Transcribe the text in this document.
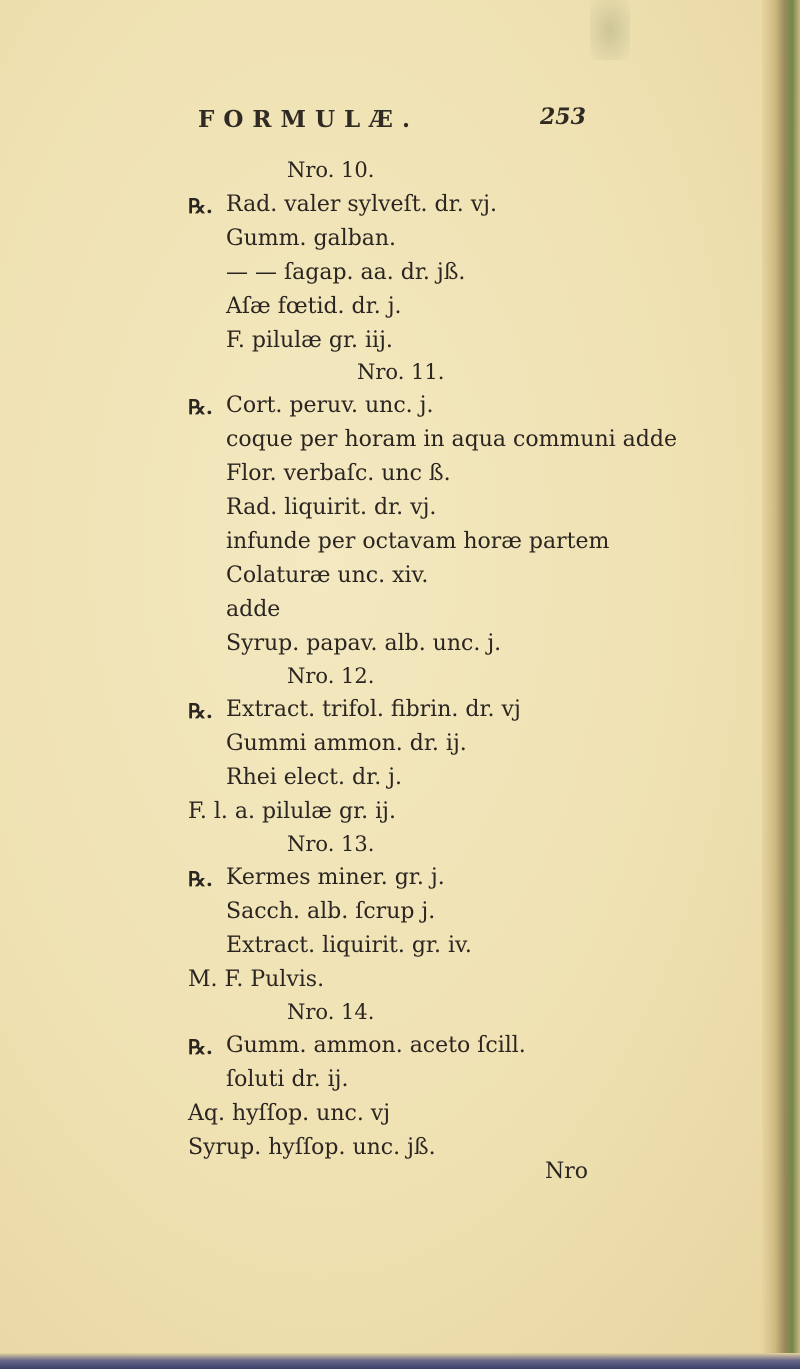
FORMULÆ.	253
Nro. 10.
℞. Rad. valer sylveſt. dr. vj.
Gumm. galban.
— — ſagap. aa. dr. jß.
Aſæ fœtid. dr. j.
F. pilulæ gr. iij.
Nro. 11.
℞. Cort. peruv. unc. j.
coque per horam in aqua communi adde
Flor. verbaſc. unc ß.
Rad. liquirit. dr. vj.
infunde per octavam horæ partem
Colaturæ unc. xiv.
adde
Syrup. papav. alb. unc. j.
Nro. 12.
℞. Extract. trifol. fibrin. dr. vj
Gummi ammon. dr. ij.
Rhei elect. dr. j.
F. l. a. pilulæ gr. ij.
Nro. 13.
℞. Kermes miner. gr. j.
Sacch. alb. ſcrup j.
Extract. liquirit. gr. iv.
M. F. Pulvis.
Nro. 14.
℞. Gumm. ammon. aceto ſcill.
ſoluti dr. ij.
Aq. hyſſop. unc. vj
Syrup. hyſſop. unc. jß.
Nro
